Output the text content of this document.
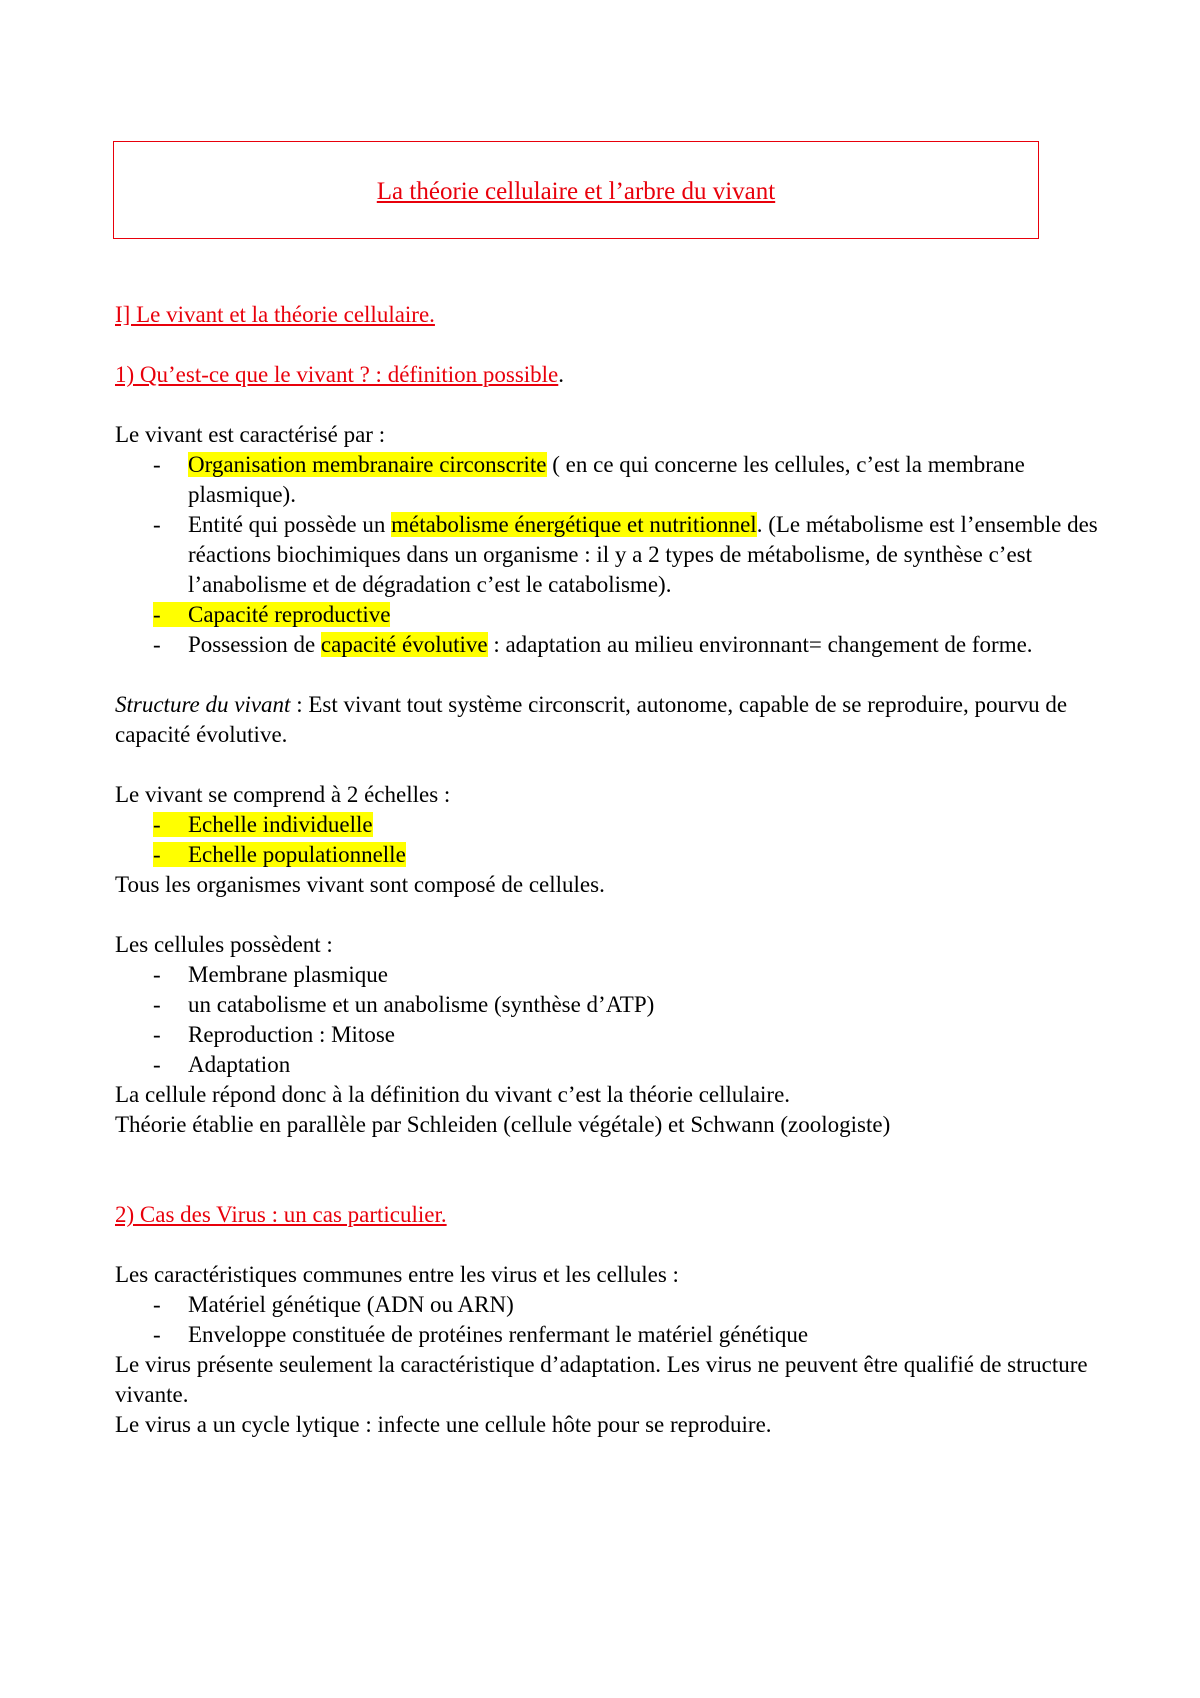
La théorie cellulaire et l’arbre du vivant

I] Le vivant et la théorie cellulaire.

1) Qu’est-ce que le vivant ? : définition possible.

Le vivant est caractérisé par :

- Organisation membranaire circonscrite ( en ce qui concerne les cellules, c’est la membrane plasmique).
- Entité qui possède un métabolisme énergétique et nutritionnel. (Le métabolisme est l’ensemble des réactions biochimiques dans un organisme : il y a 2 types de métabolisme, de synthèse c’est l’anabolisme et de dégradation c’est le catabolisme).
- Capacité reproductive
- Possession de capacité évolutive : adaptation au milieu environnant= changement de forme.

Structure du vivant : Est vivant tout système circonscrit, autonome, capable de se reproduire, pourvu de capacité évolutive.

Le vivant se comprend à 2 échelles :

- Echelle individuelle
- Echelle populationnelle

Tous les organismes vivant sont composé de cellules.

Les cellules possèdent :

- Membrane plasmique
- un catabolisme et un anabolisme (synthèse d’ATP)
- Reproduction : Mitose
- Adaptation

La cellule répond donc à la définition du vivant c’est la théorie cellulaire.

Théorie établie en parallèle par Schleiden (cellule végétale) et Schwann (zoologiste)

2) Cas des Virus : un cas particulier.

Les caractéristiques communes entre les virus et les cellules :

- Matériel génétique (ADN ou ARN)
- Enveloppe constituée de protéines renfermant le matériel génétique

Le virus présente seulement la caractéristique d’adaptation. Les virus ne peuvent être qualifié de structure vivante.

Le virus a un cycle lytique : infecte une cellule hôte pour se reproduire.
